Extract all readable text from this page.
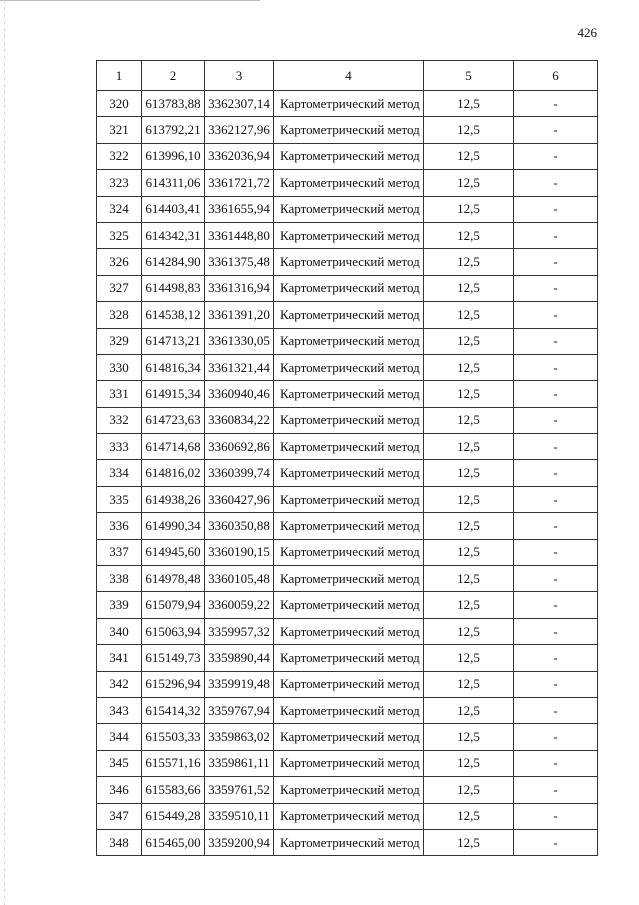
426
1	2	3	4	5	6
320	613783,88	3362307,14	Картометрический метод	12,5	-
321	613792,21	3362127,96	Картометрический метод	12,5	-
322	613996,10	3362036,94	Картометрический метод	12,5	-
323	614311,06	3361721,72	Картометрический метод	12,5	-
324	614403,41	3361655,94	Картометрический метод	12,5	-
325	614342,31	3361448,80	Картометрический метод	12,5	-
326	614284,90	3361375,48	Картометрический метод	12,5	-
327	614498,83	3361316,94	Картометрический метод	12,5	-
328	614538,12	3361391,20	Картометрический метод	12,5	-
329	614713,21	3361330,05	Картометрический метод	12,5	-
330	614816,34	3361321,44	Картометрический метод	12,5	-
331	614915,34	3360940,46	Картометрический метод	12,5	-
332	614723,63	3360834,22	Картометрический метод	12,5	-
333	614714,68	3360692,86	Картометрический метод	12,5	-
334	614816,02	3360399,74	Картометрический метод	12,5	-
335	614938,26	3360427,96	Картометрический метод	12,5	-
336	614990,34	3360350,88	Картометрический метод	12,5	-
337	614945,60	3360190,15	Картометрический метод	12,5	-
338	614978,48	3360105,48	Картометрический метод	12,5	-
339	615079,94	3360059,22	Картометрический метод	12,5	-
340	615063,94	3359957,32	Картометрический метод	12,5	-
341	615149,73	3359890,44	Картометрический метод	12,5	-
342	615296,94	3359919,48	Картометрический метод	12,5	-
343	615414,32	3359767,94	Картометрический метод	12,5	-
344	615503,33	3359863,02	Картометрический метод	12,5	-
345	615571,16	3359861,11	Картометрический метод	12,5	-
346	615583,66	3359761,52	Картометрический метод	12,5	-
347	615449,28	3359510,11	Картометрический метод	12,5	-
348	615465,00	3359200,94	Картометрический метод	12,5	-
